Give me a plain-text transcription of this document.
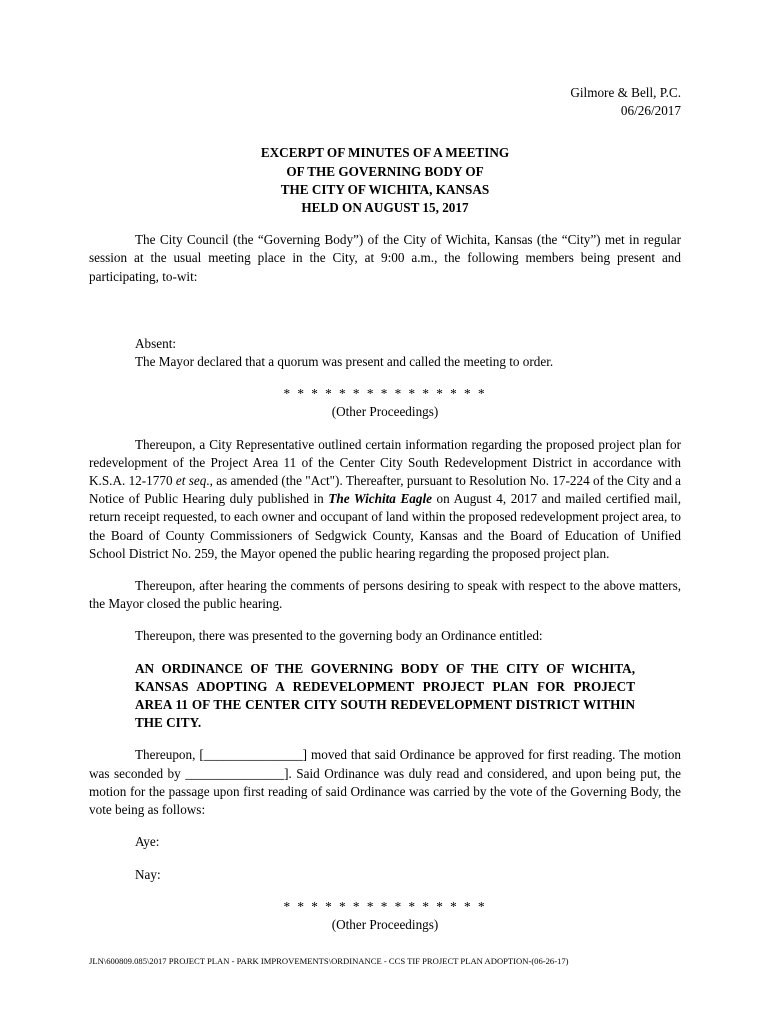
Gilmore & Bell, P.C.
06/26/2017
EXCERPT OF MINUTES OF A MEETING
OF THE GOVERNING BODY OF
THE CITY OF WICHITA, KANSAS
HELD ON AUGUST 15, 2017

The City Council (the “Governing Body”) of the City of Wichita, Kansas (the “City”) met in regular session at the usual meeting place in the City, at 9:00 a.m., the following members being present and participating, to-wit:

Absent:

The Mayor declared that a quorum was present and called the meeting to order.

* * * * * * * * * * * * * * *
(Other Proceedings)

Thereupon, a City Representative outlined certain information regarding the proposed project plan for redevelopment of the Project Area 11 of the Center City South Redevelopment District in accordance with K.S.A. 12-1770 et seq., as amended (the "Act"). Thereafter, pursuant to Resolution No. 17-224 of the City and a Notice of Public Hearing duly published in The Wichita Eagle on August 4, 2017 and mailed certified mail, return receipt requested, to each owner and occupant of land within the proposed redevelopment project area, to the Board of County Commissioners of Sedgwick County, Kansas and the Board of Education of Unified School District No. 259, the Mayor opened the public hearing regarding the proposed project plan.

Thereupon, after hearing the comments of persons desiring to speak with respect to the above matters, the Mayor closed the public hearing.

Thereupon, there was presented to the governing body an Ordinance entitled:

AN ORDINANCE OF THE GOVERNING BODY OF THE CITY OF WICHITA, KANSAS ADOPTING A REDEVELOPMENT PROJECT PLAN FOR PROJECT AREA 11 OF THE CENTER CITY SOUTH REDEVELOPMENT DISTRICT WITHIN THE CITY.

Thereupon, [_______________] moved that said Ordinance be approved for first reading. The motion was seconded by _______________]. Said Ordinance was duly read and considered, and upon being put, the motion for the passage upon first reading of said Ordinance was carried by the vote of the Governing Body, the vote being as follows:

Aye:

Nay:

* * * * * * * * * * * * * * *
(Other Proceedings)
JLN\600809.085\2017 PROJECT PLAN - PARK IMPROVEMENTS\ORDINANCE - CCS TIF PROJECT PLAN ADOPTION-(06-26-17)
